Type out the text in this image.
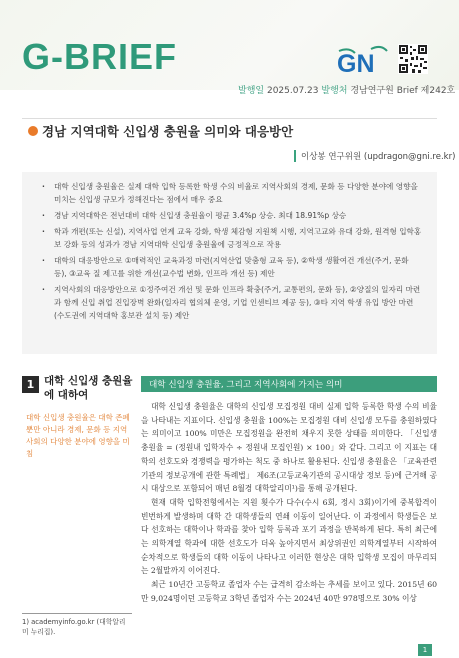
G-BRIEF	GN
발행일 2025.07.23 발행처 경남연구원 Brief 제242호
경남 지역대학 신입생 충원율 의미와 대응방안
이상봉 연구위원 (updragon@gni.re.kr)
· 대학 신입생 충원율은 실제 대학 입학 등록한 학생 수의 비율로 지역사회의 경제, 문화 등 다양한 분야에 영향을 미치는 신입생 규모가 정해진다는 점에서 매우 중요
· 경남 지역대학은 전년대비 대학 신입생 충원율이 평균 3.4%p 상승. 최대 18.91%p 상승
· 학과 개편(또는 신설), 지역사업 연계 교육 강화, 학생 체감형 지원책 시행, 지역고교와 유대 강화, 원격형 입학홍보 강화 등의 성과가 경남 지역대학 신입생 충원율에 긍정적으로 작용
· 대학의 대응방안으로 ①매력적인 교육과정 마련(지역산업 맞춤형 교육 등), ②학생 생활여건 개선(주거, 문화 등), ③교육 질 제고를 위한 개선(교수법 변화, 인프라 개선 등) 제안
· 지역사회의 대응방안으로 ①정주여건 개선 및 문화 인프라 확충(주거, 교통편의, 문화 등), ②양질의 일자리 마련과 함께 신입 취업 진입장벽 완화(일자리 협의체 운영, 기업 인센티브 제공 등), ③타 지역 학생 유입 방안 마련(수도권에 지역대학 홍보관 설치 등) 제안
1 대학 신입생 충원율에 대하여
대학 신입생 충원율은 대학 존폐뿐만 아니라 경제, 문화 등 지역사회의 다양한 분야에 영향을 미침
1) academyinfo.go.kr (대학알리미 누리집).
대학 신입생 충원율, 그리고 지역사회에 가지는 의미

대학 신입생 충원율은 대학의 신입생 모집정원 대비 실제 입학 등록한 학생 수의 비율을 나타내는 지표이다. 신입생 충원율 100%는 모집정원 대비 신입생 모두를 충원하였다는 의미이고 100% 미만은 모집정원을 완전히 채우지 못한 상태를 의미한다. 「신입생 충원율 = (정원내 입학자수 ÷ 정원내 모집인원) × 100」와 같다. 그리고 이 지표는 대학의 선호도와 경쟁력을 평가하는 척도 중 하나로 활용된다. 신입생 충원율은 「교육관련기관의 정보공개에 관한 특례법」 제6조(고등교육기관의 공시대상 정보 등)에 근거해 공시 대상으로 포함되어 매년 8월경 대학알리미¹)를 통해 공개된다.

현재 대학 입학전형에서는 지원 횟수가 다수(수시 6회, 정시 3회)이기에 중복합격이 빈번하게 발생하며 대학 간 대학생들의 연쇄 이동이 일어난다. 이 과정에서 학생들은 보다 선호하는 대학이나 학과를 찾아 입학 등록과 포기 과정을 반복하게 된다. 특히 최근에는 의학계열 학과에 대한 선호도가 더욱 높아지면서 최상위권인 의학계열부터 시작하여 순차적으로 학생들의 대학 이동이 나타나고 이러한 현상은 대학 입학생 모집이 마무리되는 2월말까지 이어진다.

최근 10년간 고등학교 졸업자 수는 급격히 감소하는 추세를 보이고 있다. 2015년 60만 9,024명이던 고등학교 3학년 졸업자 수는 2024년 40만 978명으로 30% 이상

1
